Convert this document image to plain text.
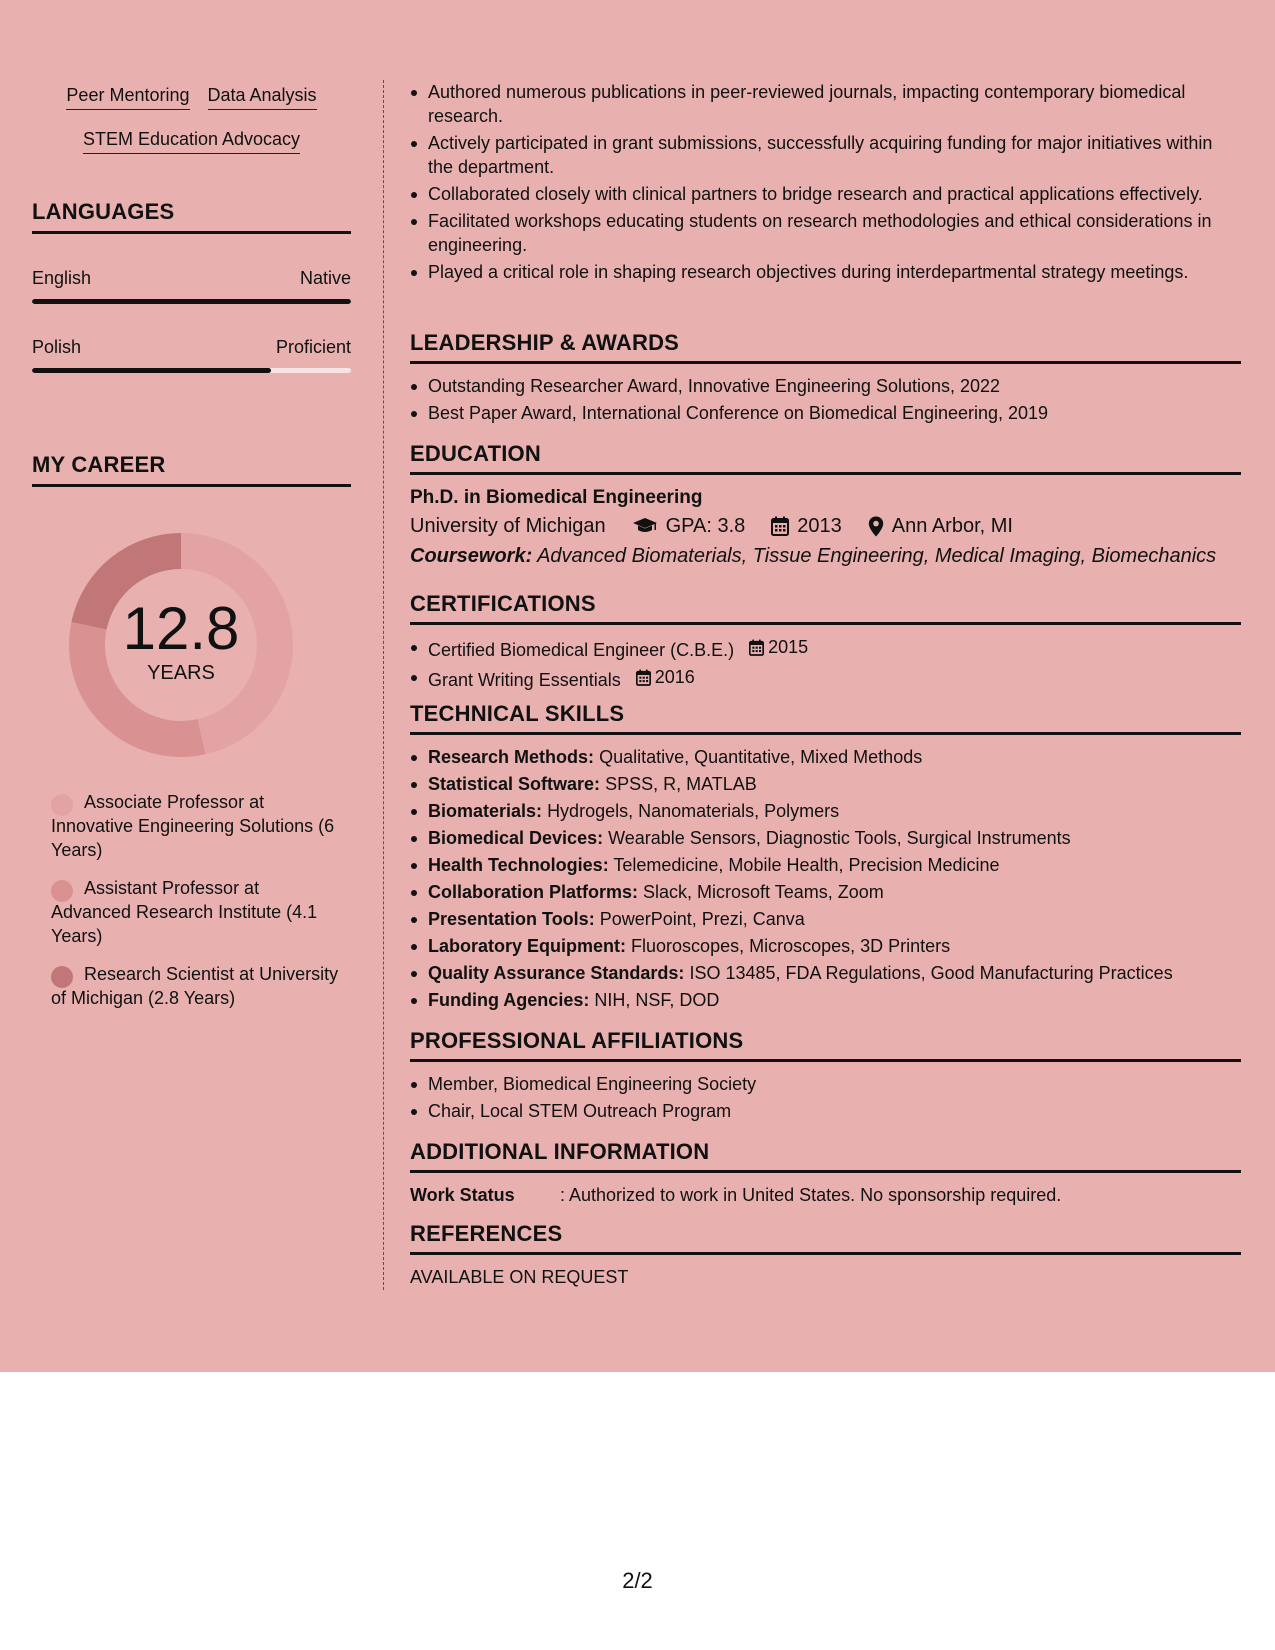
Peer Mentoring Data Analysis
STEM Education Advocacy
LANGUAGES
English	Native
Polish	Proficient
MY CAREER
12.8
YEARS
Associate Professor at Innovative Engineering Solutions (6 Years)
Assistant Professor at Advanced Research Institute (4.1 Years)
Research Scientist at University of Michigan (2.8 Years)
Authored numerous publications in peer-reviewed journals, impacting contemporary biomedical research.
Actively participated in grant submissions, successfully acquiring funding for major initiatives within the department.
Collaborated closely with clinical partners to bridge research and practical applications effectively.
Facilitated workshops educating students on research methodologies and ethical considerations in engineering.
Played a critical role in shaping research objectives during interdepartmental strategy meetings.
LEADERSHIP & AWARDS
Outstanding Researcher Award, Innovative Engineering Solutions, 2022
Best Paper Award, International Conference on Biomedical Engineering, 2019
EDUCATION
Ph.D. in Biomedical Engineering
University of Michigan	GPA: 3.8	2013	Ann Arbor, MI
Coursework: Advanced Biomaterials, Tissue Engineering, Medical Imaging, Biomechanics
CERTIFICATIONS
Certified Biomedical Engineer (C.B.E.) 2015
Grant Writing Essentials 2016
TECHNICAL SKILLS
Research Methods: Qualitative, Quantitative, Mixed Methods
Statistical Software: SPSS, R, MATLAB
Biomaterials: Hydrogels, Nanomaterials, Polymers
Biomedical Devices: Wearable Sensors, Diagnostic Tools, Surgical Instruments
Health Technologies: Telemedicine, Mobile Health, Precision Medicine
Collaboration Platforms: Slack, Microsoft Teams, Zoom
Presentation Tools: PowerPoint, Prezi, Canva
Laboratory Equipment: Fluoroscopes, Microscopes, 3D Printers
Quality Assurance Standards: ISO 13485, FDA Regulations, Good Manufacturing Practices
Funding Agencies: NIH, NSF, DOD
PROFESSIONAL AFFILIATIONS
Member, Biomedical Engineering Society
Chair, Local STEM Outreach Program
ADDITIONAL INFORMATION
Work Status	: Authorized to work in United States. No sponsorship required.
REFERENCES
AVAILABLE ON REQUEST
2/2
